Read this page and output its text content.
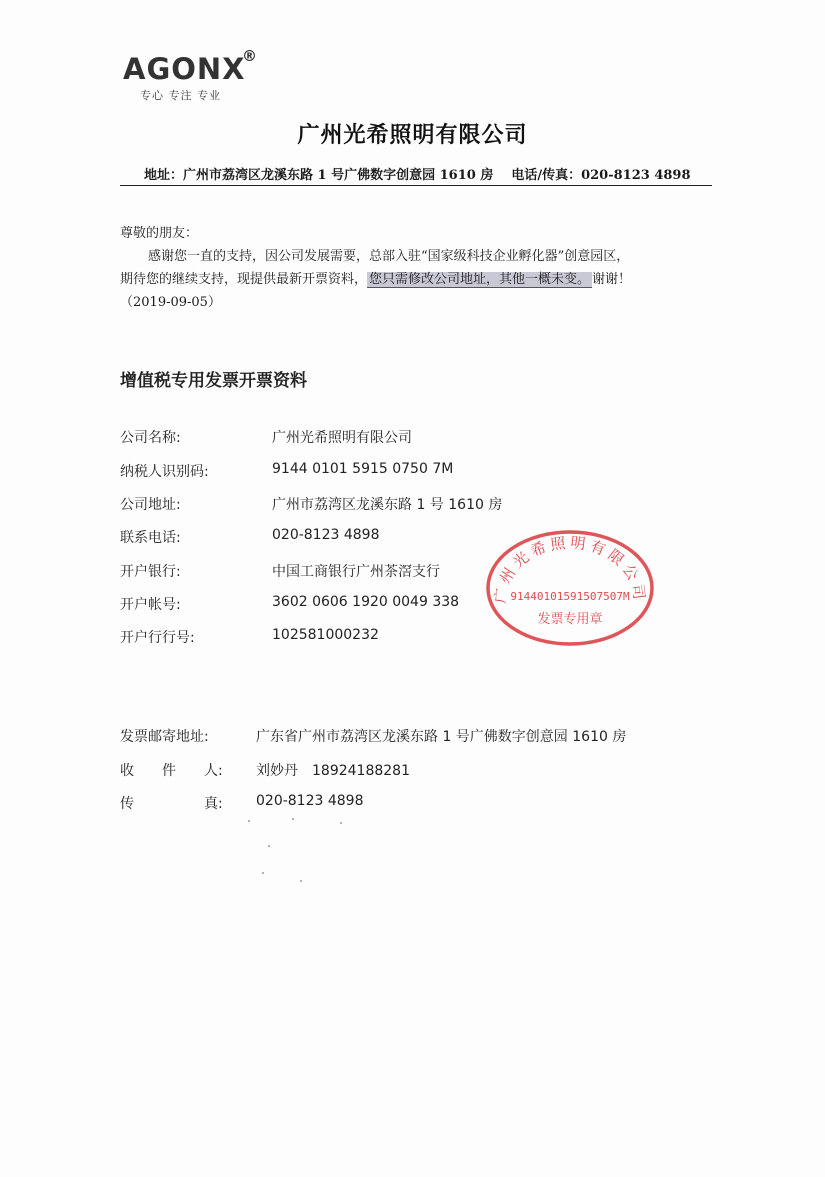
AGONX
®
专心 专注 专业
广州光希照明有限公司
地址：广州市荔湾区龙溪东路 1 号广佛数字创意园 1610 房 电话/传真：020-8123 4898
尊敬的朋友：
感谢您一直的支持，因公司发展需要，总部入驻“国家级科技企业孵化器”创意园区，
期待您的继续支持，现提供最新开票资料， 您只需修改公司地址，其他一概未变。 谢谢！
（2019-09-05）
增值税专用发票开票资料
公司名称:	广州光希照明有限公司
纳税人识别码:	9144 0101 5915 0750 7M
公司地址:	广州市荔湾区龙溪东路 1 号 1610 房
联系电话:	020-8123 4898
开户银行:	中国工商银行广州茶滘支行
开户帐号:	3602 0606 1920 0049 338
开户行行号:	102581000232
广州光希照明有限公司
91440101591507507M
发票专用章
发票邮寄地址:	广东省广州市荔湾区龙溪东路 1 号广佛数字创意园 1610 房
收　　件　　人: 刘妙丹　18924188281
传　　　　　真: 020-8123 4898
